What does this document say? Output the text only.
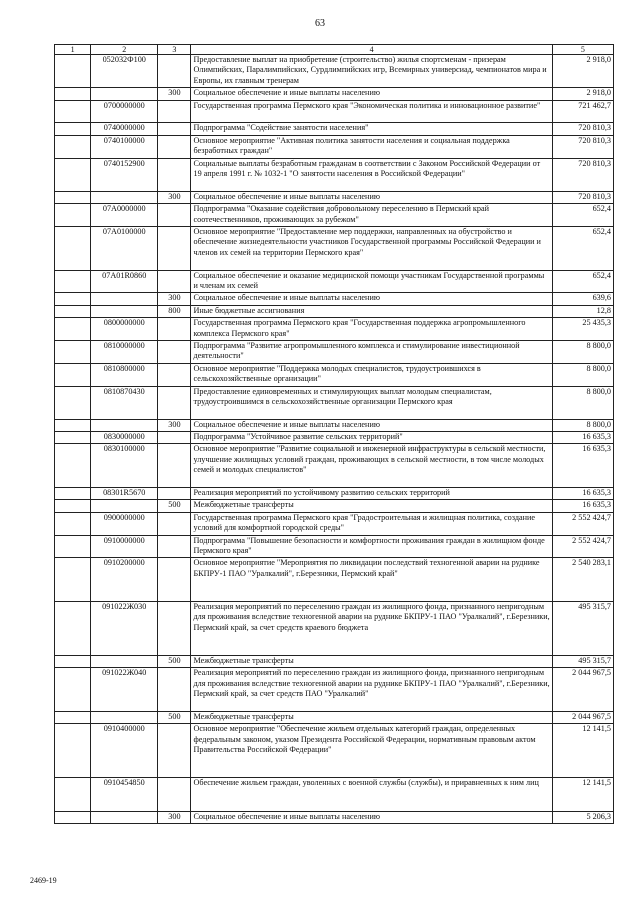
63
1	2	3	4	5
	052032Ф100		Предоставление выплат на приобретение (строительство) жилья спортсменам - призерам Олимпийских, Паралимпийских, Сурдлимпийских игр, Всемирных универсиад, чемпионатов мира и Европы, их главным тренерам	2 918,0
		300	Социальное обеспечение и иные выплаты населению	2 918,0
	0700000000		Государственная программа Пермского края "Экономическая политика и инновационное развитие"	721 462,7
	0740000000		Подпрограмма "Содействие занятости населения"	720 810,3
	0740100000		Основное мероприятие "Активная политика занятости населения и социальная поддержка безработных граждан"	720 810,3
	0740152900		Социальные выплаты безработным гражданам в соответствии с Законом Российской Федерации от 19 апреля 1991 г. № 1032-1 "О занятости населения в Российской Федерации"	720 810,3
		300	Социальное обеспечение и иные выплаты населению	720 810,3
	07А0000000		Подпрограмма "Оказание содействия добровольному переселению в Пермский край соотечественников, проживающих за рубежом"	652,4
	07А0100000		Основное мероприятие "Предоставление мер поддержки, направленных на обустройство и обеспечение жизнедеятельности участников Государственной программы Российской Федерации и членов их семей на территории Пермского края"	652,4
	07А01R0860		Социальное обеспечение и оказание медицинской помощи участникам Государственной программы и членам их семей	652,4
		300	Социальное обеспечение и иные выплаты населению	639,6
		800	Иные бюджетные ассигнования	12,8
	0800000000		Государственная программа Пермского края "Государственная поддержка агропромышленного комплекса Пермского края"	25 435,3
	0810000000		Подпрограмма "Развитие агропромышленного комплекса и стимулирование инвестиционной деятельности"	8 800,0
	0810800000		Основное мероприятие "Поддержка молодых специалистов, трудоустроившихся в сельскохозяйственные организации"	8 800,0
	0810870430		Предоставление единовременных и стимулирующих выплат молодым специалистам, трудоустроившимся в сельскохозяйственные организации Пермского края	8 800,0
		300	Социальное обеспечение и иные выплаты населению	8 800,0
	0830000000		Подпрограмма "Устойчивое развитие сельских территорий"	16 635,3
	0830100000		Основное мероприятие "Развитие социальной и инженерной инфраструктуры в сельской местности, улучшение жилищных условий граждан, проживающих в сельской местности, в том числе молодых семей и молодых специалистов"	16 635,3
	08301R5670		Реализация мероприятий по устойчивому развитию сельских территорий	16 635,3
		500	Межбюджетные трансферты	16 635,3
	0900000000		Государственная программа Пермского края "Градостроительная и жилищная политика, создание условий для комфортной городской среды"	2 552 424,7
	0910000000		Подпрограмма "Повышение безопасности и комфортности проживания граждан в жилищном фонде Пермского края"	2 552 424,7
	0910200000		Основное мероприятие "Мероприятия по ликвидации последствий техногенной аварии на руднике БКПРУ-1 ПАО "Уралкалий", г.Березники, Пермский край"	2 540 283,1
	091022Ж030		Реализация мероприятий по переселению граждан из жилищного фонда, признанного непригодным для проживания вследствие техногенной аварии на руднике БКПРУ-1 ПАО "Уралкалий", г.Березники, Пермский край, за счет средств краевого бюджета	495 315,7
		500	Межбюджетные трансферты	495 315,7
	091022Ж040		Реализация мероприятий по переселению граждан из жилищного фонда, признанного непригодным для проживания вследствие техногенной аварии на руднике БКПРУ-1 ПАО "Уралкалий", г.Березники, Пермский край, за счет средств ПАО "Уралкалий"	2 044 967,5
		500	Межбюджетные трансферты	2 044 967,5
	0910400000		Основное мероприятие "Обеспечение жильем отдельных категорий граждан, определенных федеральным законом, указом Президента Российской Федерации, нормативным правовым актом Правительства Российской Федерации"	12 141,5
	0910454850		Обеспечение жильем граждан, уволенных с военной службы (службы), и приравненных к ним лиц	12 141,5
		300	Социальное обеспечение и иные выплаты населению	5 206,3
2469-19
